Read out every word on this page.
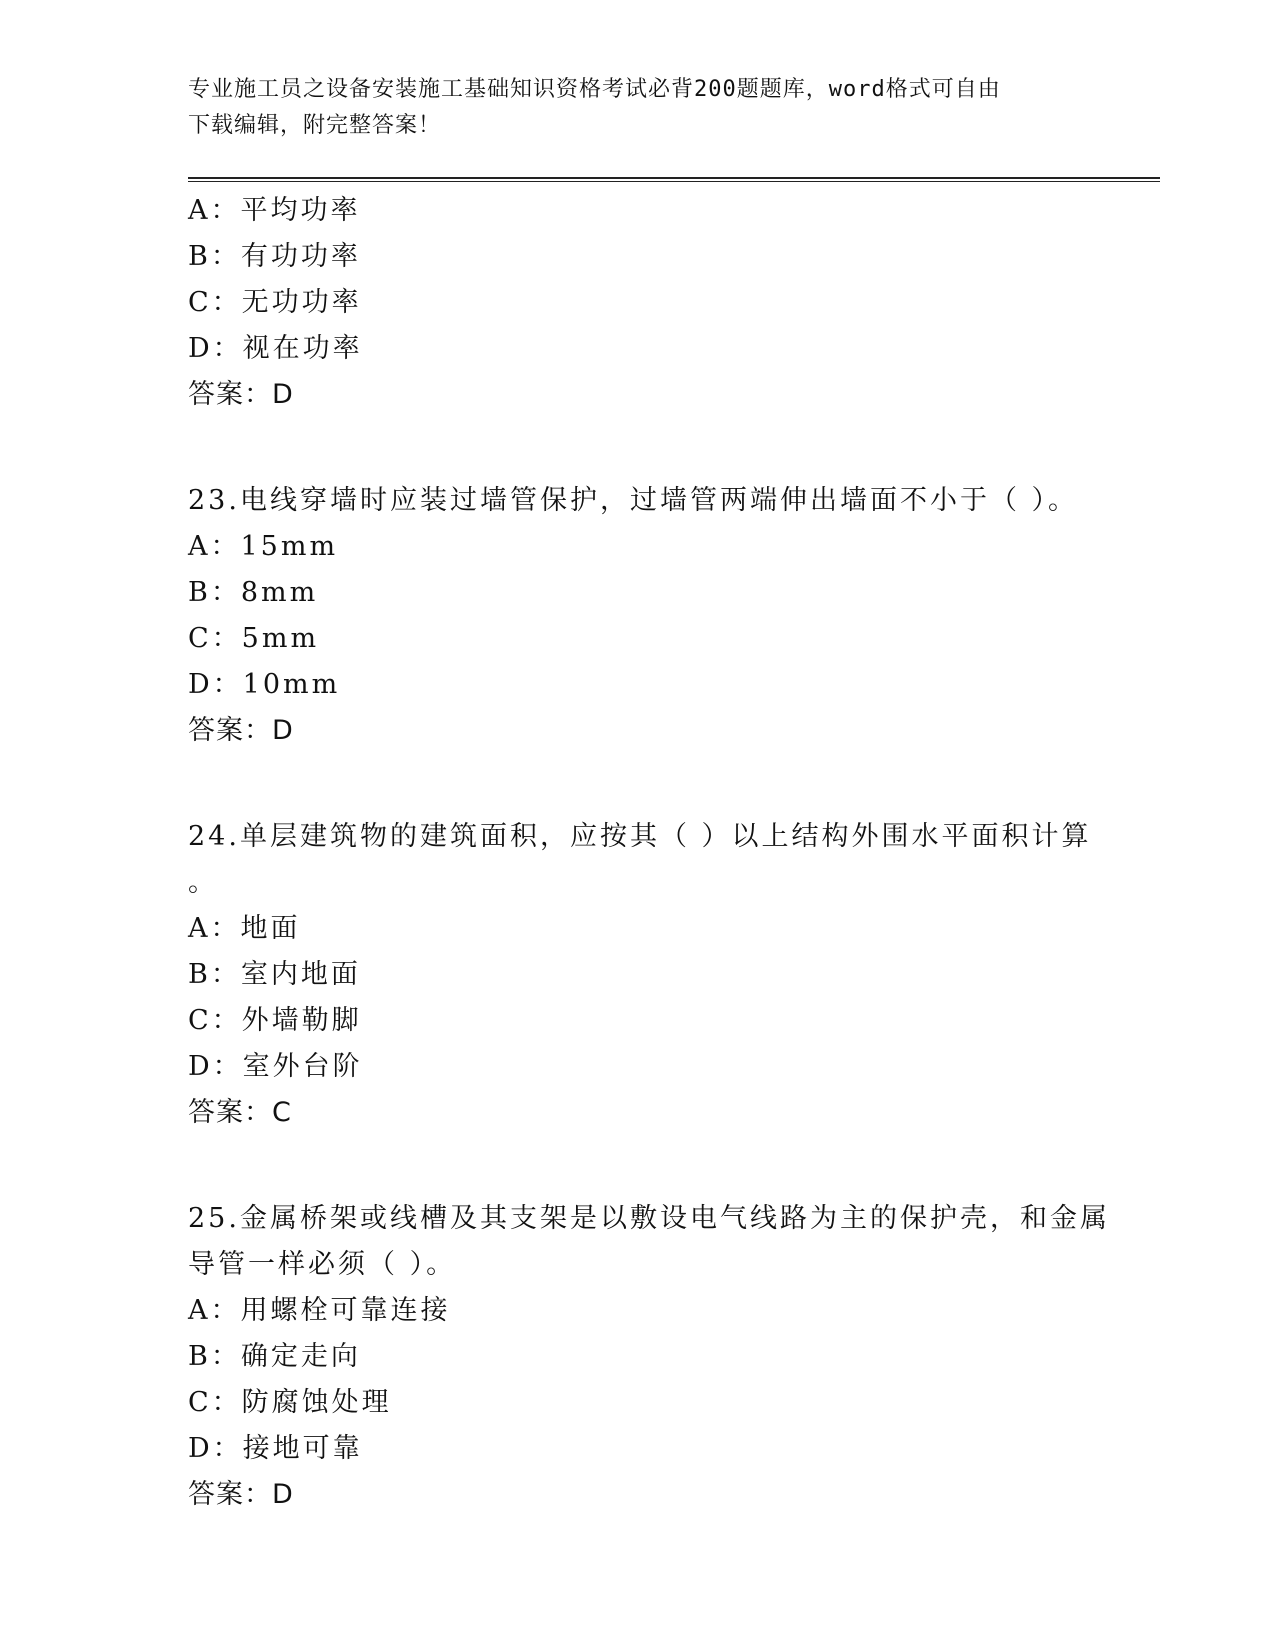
专业施工员之设备安装施工基础知识资格考试必背200题题库，word格式可自由
下载编辑，附完整答案！
A：平均功率
B：有功功率
C：无功功率
D：视在功率
答案：D
23.电线穿墙时应装过墙管保护，过墙管两端伸出墙面不小于（ ）。
A：15mm
B：8mm
C：5mm
D：10mm
答案：D
24.单层建筑物的建筑面积，应按其（ ）以上结构外围水平面积计算
。
A：地面
B：室内地面
C：外墙勒脚
D：室外台阶
答案：C
25.金属桥架或线槽及其支架是以敷设电气线路为主的保护壳，和金属
导管一样必须（ ）。
A：用螺栓可靠连接
B：确定走向
C：防腐蚀处理
D：接地可靠
答案：D
